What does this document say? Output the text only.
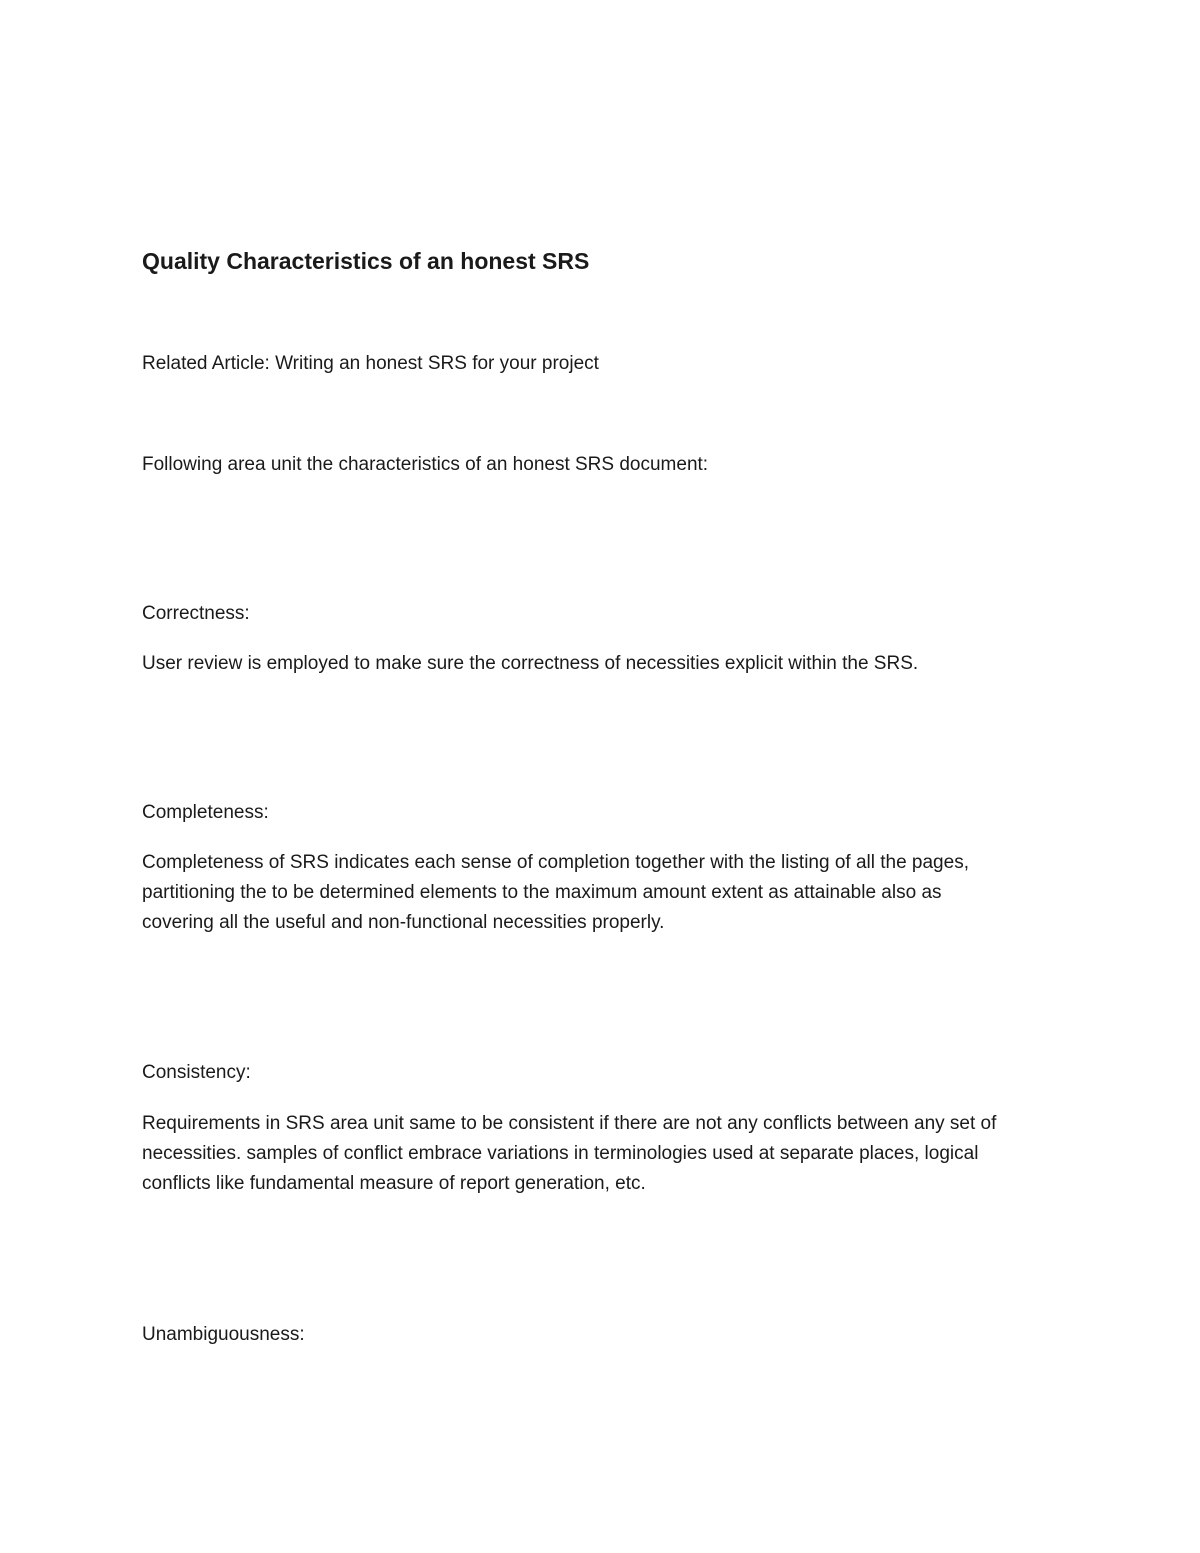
Quality Characteristics of an honest SRS

Related Article: Writing an honest SRS for your project

Following area unit the characteristics of an honest SRS document:

Correctness:

User review is employed to make sure the correctness of necessities explicit within the SRS.

Completeness:

Completeness of SRS indicates each sense of completion together with the listing of all the pages,

partitioning the to be determined elements to the maximum amount extent as attainable also as

covering all the useful and non-functional necessities properly.

Consistency:

Requirements in SRS area unit same to be consistent if there are not any conflicts between any set of

necessities. samples of conflict embrace variations in terminologies used at separate places, logical

conflicts like fundamental measure of report generation, etc.

Unambiguousness:
